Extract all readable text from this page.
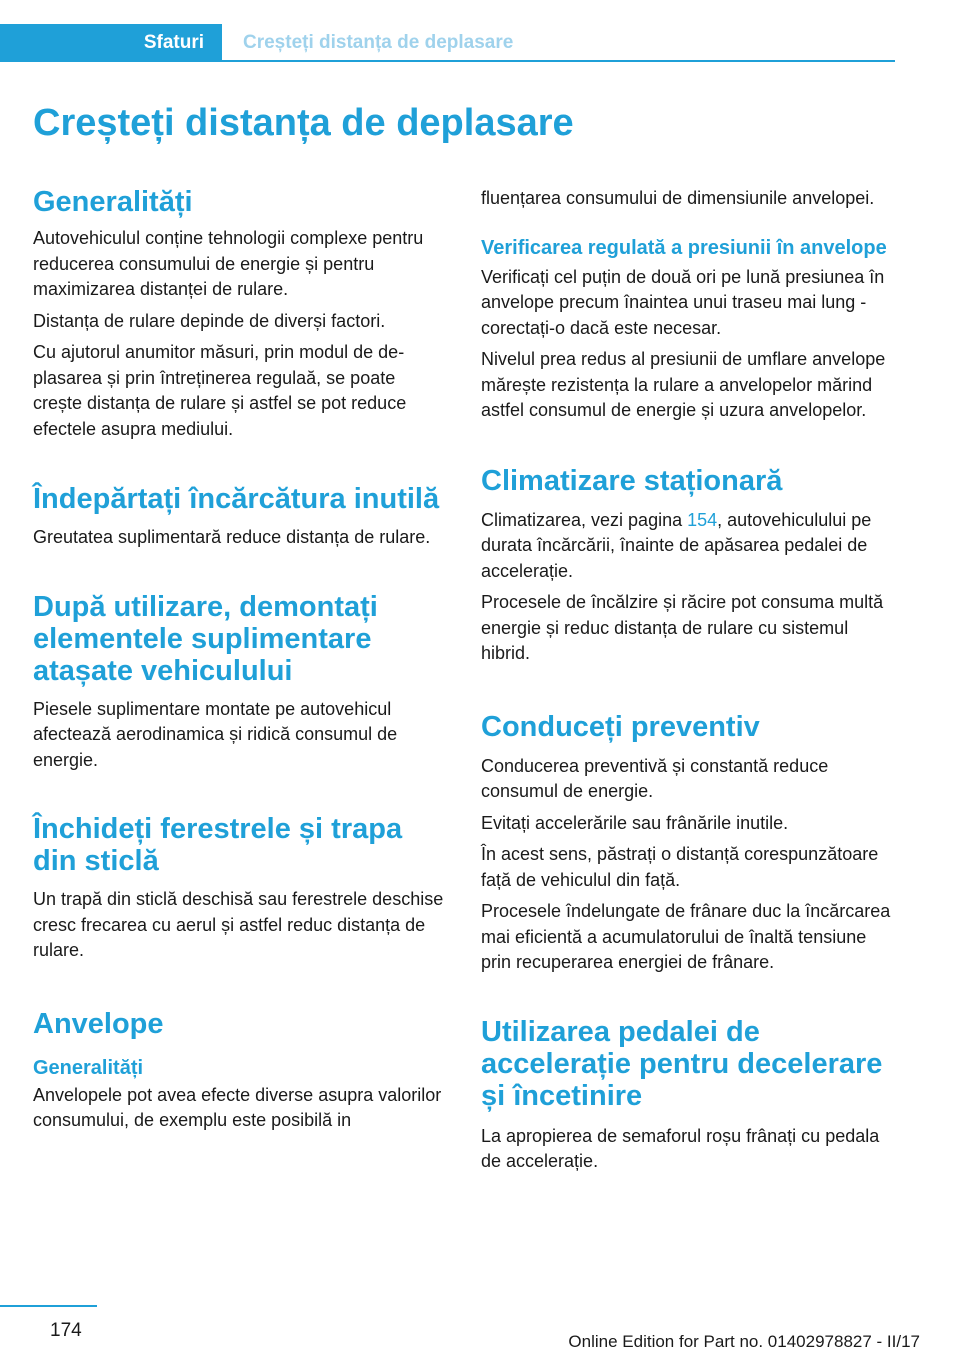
Sfaturi Creșteți distanța de deplasare
Creșteți distanța de deplasare
Generalități

Autovehiculul conține tehnologii complexe pentru reducerea consumului de energie și pentru maximizarea distanței de rulare.

Distanța de rulare depinde de diverși factori.

Cu ajutorul anumitor măsuri, prin modul de deplasarea și prin întreținerea regulaă, se poate crește distanța de rulare și astfel se pot reduce efectele asupra mediului.

Îndepărtați încărcătura inutilă

Greutatea suplimentară reduce distanța de rulare.

După utilizare, demontați elementele suplimentare atașate vehiculului

Piesele suplimentare montate pe autovehicul afectează aerodinamica și ridică consumul de energie.

Închideți ferestrele și trapa din sticlă

Un trapă din sticlă deschisă sau ferestrele deschise cresc frecarea cu aerul și astfel reduc distanța de rulare.

Anvelope
Generalități

Anvelopele pot avea efecte diverse asupra valorilor consumului, de exemplu este posibilă in

fluențarea consumului de dimensiunile anvelopei.

Verificarea regulată a presiunii în anvelope

Verificați cel puțin de două ori pe lună presiunea în anvelope precum înaintea unui traseu mai lung - corectați-o dacă este necesar.

Nivelul prea redus al presiunii de umflare anvelope mărește rezistența la rulare a anvelopelor mărind astfel consumul de energie și uzura anvelopelor.

Climatizare staționară

Climatizarea, vezi pagina 154, autovehiculului pe durata încărcării, înainte de apăsarea pedalei de accelerație.

Procesele de încălzire și răcire pot consuma multă energie și reduc distanța de rulare cu sistemul hibrid.

Conduceți preventiv

Conducerea preventivă și constantă reduce consumul de energie.

Evitați accelerările sau frânările inutile.

În acest sens, păstrați o distanță corespunzătoare față de vehiculul din față.

Procesele îndelungate de frânare duc la încărcarea mai eficientă a acumulatorului de înaltă tensiune prin recuperarea energiei de frânare.

Utilizarea pedalei de accelerație pentru decelerare și încetinire

La apropierea de semaforul roșu frânați cu pedala de accelerație.

174
Online Edition for Part no. 01402978827 - II/17
